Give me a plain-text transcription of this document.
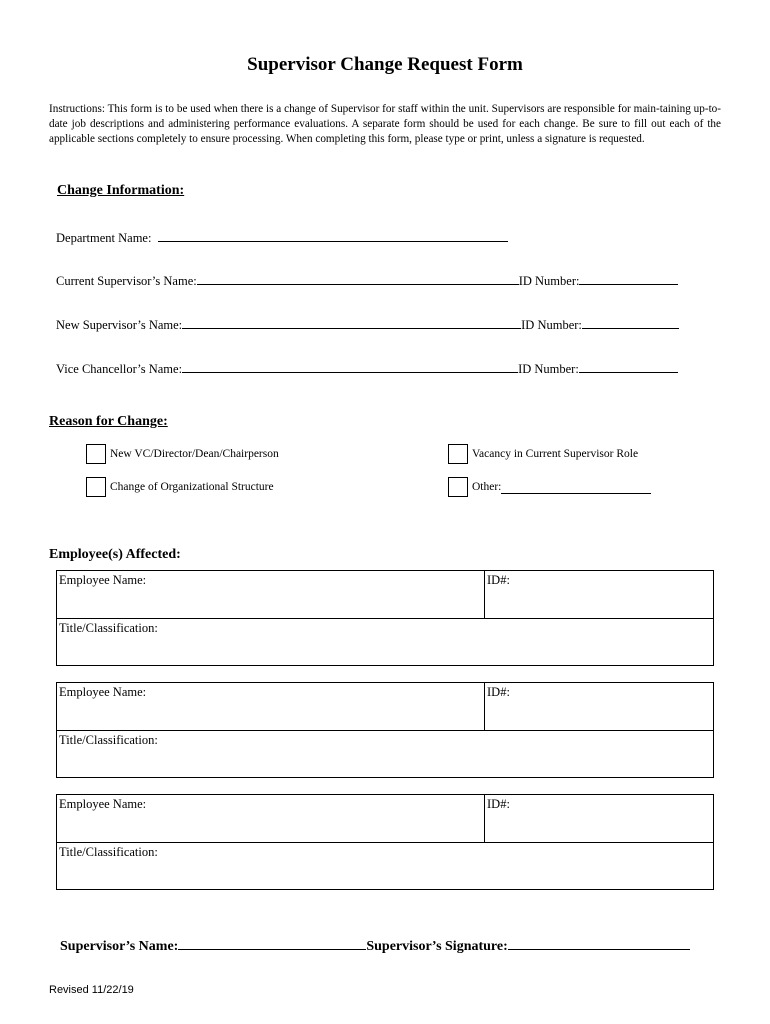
Supervisor Change Request Form
Instructions: This form is to be used when there is a change of Supervisor for staff within the unit. Supervisors are responsible for main-taining up-to-date job descriptions and administering performance evaluations. A separate form should be used for each change. Be sure to fill out each of the applicable sections completely to ensure processing. When completing this form, please type or print, unless a signature is requested.
Change Information:
Department Name:
Current Supervisor’s Name:	ID Number:
New Supervisor’s Name:	ID Number:
Vice Chancellor’s Name:	ID Number:
Reason for Change:
New VC/Director/Dean/Chairperson	Vacancy in Current Supervisor Role
Change of Organizational Structure	Other:
Employee(s) Affected:
Employee Name:	ID#:
Title/Classification:
Employee Name:	ID#:
Title/Classification:
Employee Name:	ID#:
Title/Classification:
Supervisor’s Name:	Supervisor’s Signature:
Revised 11/22/19
